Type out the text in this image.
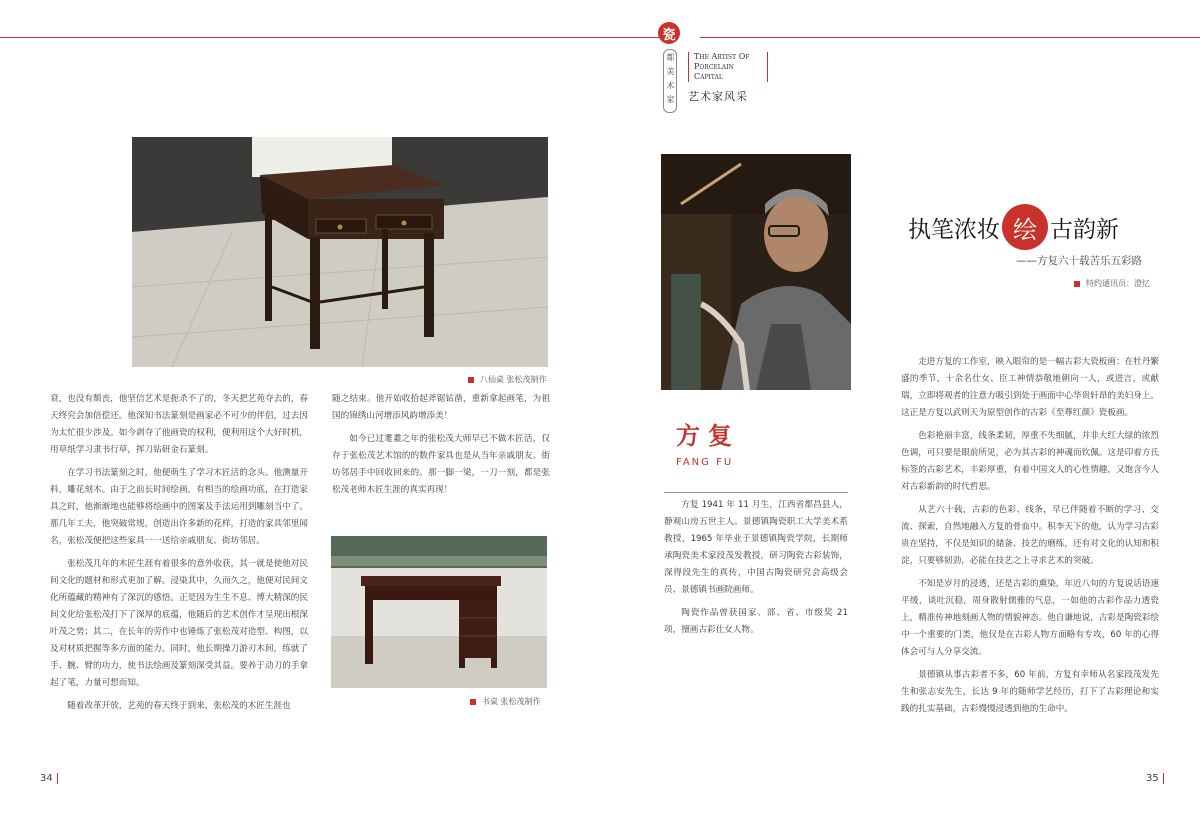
瓷
都美术家 The Artist Of
Porcelain Capital
艺术家风采
八仙桌 张松茂制作

衰，也没有颓丧，他坚信艺术是扼杀不了的，冬天把艺苑夺去的，春天终究会加倍偿还。他深知书法篆刻是画家必不可少的伴侣，过去因为太忙很少涉及。如今剥夺了他画瓷的权利，便利用这个大好时机，用草纸学习隶书行草，挥刀钻研金石篆刻。

在学习书法篆刻之时，他便萌生了学习木匠活的念头。他测量开料，雕花刻木。由于之前长时间绘画，有相当的绘画功底，在打造家具之时，他渐渐地也能够将绘画中的图案及手法运用到雕刻当中了。那几年工夫，他突破常规，创造出许多新的花样，打造的家具邻里闻名，张松茂便把这些家具一一送给亲戚朋友、街坊邻居。

张松茂几年的木匠生涯有着很多的意外收获，其一就是使他对民间文化的题材和形式更加了解。浸染其中，久而久之，他便对民间文化所蕴藏的精神有了深沉的感悟。正是因为生生不息、博大精深的民间文化给张松茂打下了深厚的底蕴，他随后的艺术创作才呈现出根深叶茂之势；其二，在长年的劳作中也锤炼了张松茂对造型、构图，以及对材质把握等多方面的能力。同时，他长期操刀游刃木间，练就了手、腕、臂的功力，使书法绘画及篆刻深受其益。要养于动刀的手拿起了笔，力量可想而知。

随着改革开放，艺苑的春天终于到来，张松茂的木匠生涯也

随之结束。他开始收拾起斧锯钻凿，重新拿起画笔，为祖国的锦绣山河增添风韵增添美！

如今已过耄耋之年的张松茂大师早已不做木匠活，仅存于张松茂艺术馆的的数件家具也是从当年亲戚朋友、街坊邻居手中回收回来的。那一脚一梁，一刀一刻，都是张松茂老师木匠生涯的真实再现！

书桌 张松茂制作
34
方复
FANG FU

方复 1941 年 11 月生，江西省都昌县人，静观山房五世主人。景德镇陶瓷职工大学美术系教授，1965 年毕业于景德镇陶瓷学院，长期师承陶瓷美术家段茂发教授，研习陶瓷古彩装饰，深得段先生的真传，中国古陶瓷研究会高级会员、景德镇书画院画师。

陶瓷作品曾获国家、部、省、市级奖 21 项，擅画古彩仕女人物。

执笔浓妆 绘 古韵新
——方复六十载苦乐五彩路
特约通讯员：澄忆

走进方复的工作室，映入眼帘的是一幅古彩大瓷板画：在牡丹繁盛的季节，十余名仕女、臣工神情恭敬地朝向一人，或进言，或献瑞，立即将观者的注意力吸引到处于画面中心华贵轩昂的美妇身上。这正是方复以武则天为原型创作的古彩《至尊红颜》瓷板画。

色彩艳丽丰富，线条柔韧，厚重不失细腻，并非大红大绿的浓烈色调，可只要是眼前所见，必为其古彩的神魂而钦佩。这是印着方氏标签的古彩艺术，丰彩厚重，有着中国文人的心性情趣，又饱含今人对古彩新韵的时代哲思。

从艺六十载，古彩的色彩、线条，早已伴随着不断的学习、交流、探索，自然地融入方复的骨血中。积李天下的他，认为学习古彩贵在坚持，不仅是知识的储备、技艺的磨练，还有对文化的认知和积淀，只要够韧劲，必能在技艺之上寻求艺术的突破。

不知是岁月的浸透，还是古彩的熏染，年近八旬的方复说话语速平缓，谈吐沉稳，周身散射儒雅的气息，一如他的古彩作品力透瓷上，精准传神地刻画人物的情貌神态。他自谦地说，古彩是陶瓷彩绘中一个重要的门类，他仅是在古彩人物方面略有专攻，60 年的心得体会可与人分享交流。

景德镇从事古彩者不多，60 年前，方复有幸师从名家段茂发先生和张志安先生，长达 9 年的随师学艺经历，打下了古彩理论和实践的扎实基础，古彩慢慢浸透到他的生命中。

35
